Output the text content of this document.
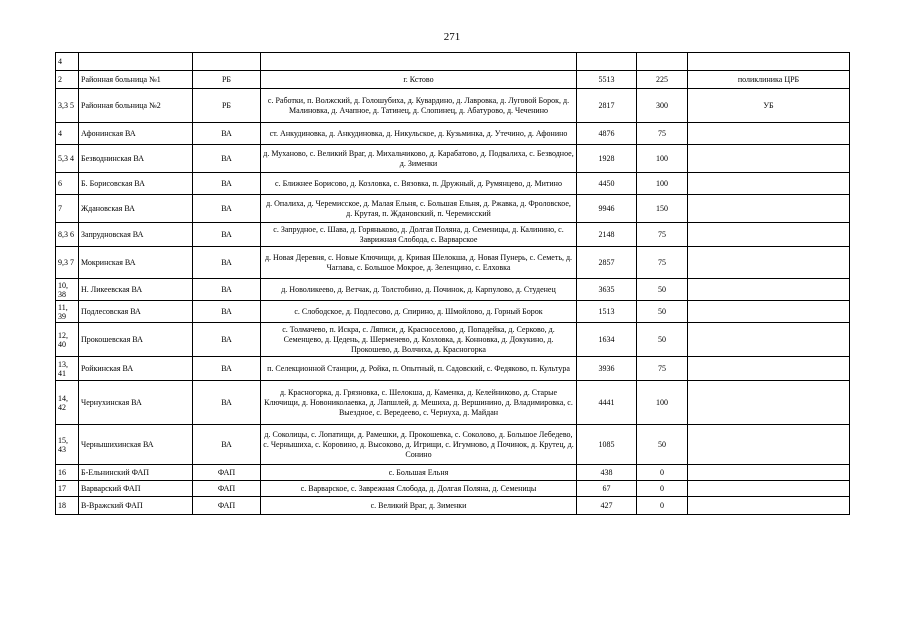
271
4						
2	Районная больница №1	РБ	г. Кстово	5513	225	поликлиника ЦРБ
3,3 5	Районная больница №2	РБ	с. Работки, п. Волжский, д. Голошубиха, д. Кувардино, д. Лавровка, д. Луговой Борок, д. Малиновка, д. Ачапное, д. Татинец, д. Слопинец, д. Абатурово, д. Чеченино	2817	300	УБ
4	Афонинская ВА	ВА	ст. Анкудиновка, д. Анкудиновка, д. Никульское, д. Кузьминка, д. Утечино, д. Афонино	4876	75	
5,3 4	Безводнинская ВА	ВА	д. Муханово, с. Великий Враг, д. Михальчиково, д. Карабатово, д. Подвалиха, с. Безводное, д. Зименки	1928	100	
6	Б. Борисовская ВА	ВА	с. Ближнее Борисово, д. Козловка, с. Вязовка, п. Дружный, д. Румянцево, д. Митино	4450	100	
7	Ждановская ВА	ВА	д. Опалиха, д. Черемисское, д. Малая Ельня, с. Большая Ельня, д. Ржавка, д. Фроловское, д. Крутая, п. Ждановский, п. Черемисский	9946	150	
8,3 6	Запрудновская ВА	ВА	с. Запрудное, с. Шава, д. Горяньково, д. Долгая Поляна, д. Семеницы, д. Калинино, с. Заврижная Слобода, с. Варварское	2148	75	
9,3 7	Мокринская ВА	ВА	д. Новая Деревня, с. Новые Ключищи, д. Кривая Шелокша, д. Новая Пунерь, с. Семеть, д. Чаглава, с. Большое Мокрое, д. Зеленцино, с. Елховка	2857	75	
10, 38	Н. Ликеевская ВА	ВА	д. Новоликеево, д. Ветчак, д. Толстобино, д. Починок, д. Карпулово, д. Студенец	3635	50	
11, 39	Подлесовская ВА	ВА	с. Слободское, д. Подлесово, д. Спирино, д. Шмойлово, д. Горный Борок	1513	50	
12, 40	Прокошевская ВА	ВА	с. Толмачево, п. Искра, с. Ляписи, д. Красноселово, д. Попадейка, д. Серково, д. Семенцево, д. Цедень, д. Шерменево, д. Козловка, д. Конновка, д. Докукино, д. Прокошево, д. Волчиха, д. Красногорка	1634	50	
13, 41	Ройкинская ВА	ВА	п. Селекционной Станции, д. Ройка, п. Опытный, п. Садовский, с. Федяково, п. Культура	3936	75	
14, 42	Чернухинская ВА	ВА	д. Красногорка, д. Грязновка, с. Шелокша, д. Каменка, д. Келейниково, д. Старые Ключищи, д. Новониколаевка, д. Лапшлей, д. Мешиха, д. Вершинино, д. Владимировка, с. Выездное, с. Вередеево, с. Чернуха, д. Майдан	4441	100	
15, 43	Чернышихинская ВА	ВА	д. Соколицы, с. Лопатищи, д. Рамешки, д. Прокошевка, с. Соколово, д. Большое Лебедево, с. Чернышиха, с. Коровино, д. Высоково, д. Игрищи, с. Игумново, д Починок, д. Крутец, д. Сонино	1085	50	
16	Б-Ельнинский ФАП	ФАП	с. Большая Ельня	438	0	
17	Варварский ФАП	ФАП	с. Варварское, с. Заврежная Слобода, д. Долгая Поляна, д. Семеницы	67	0	
18	В-Вражский ФАП	ФАП	с. Великий Враг, д. Зименки	427	0	
